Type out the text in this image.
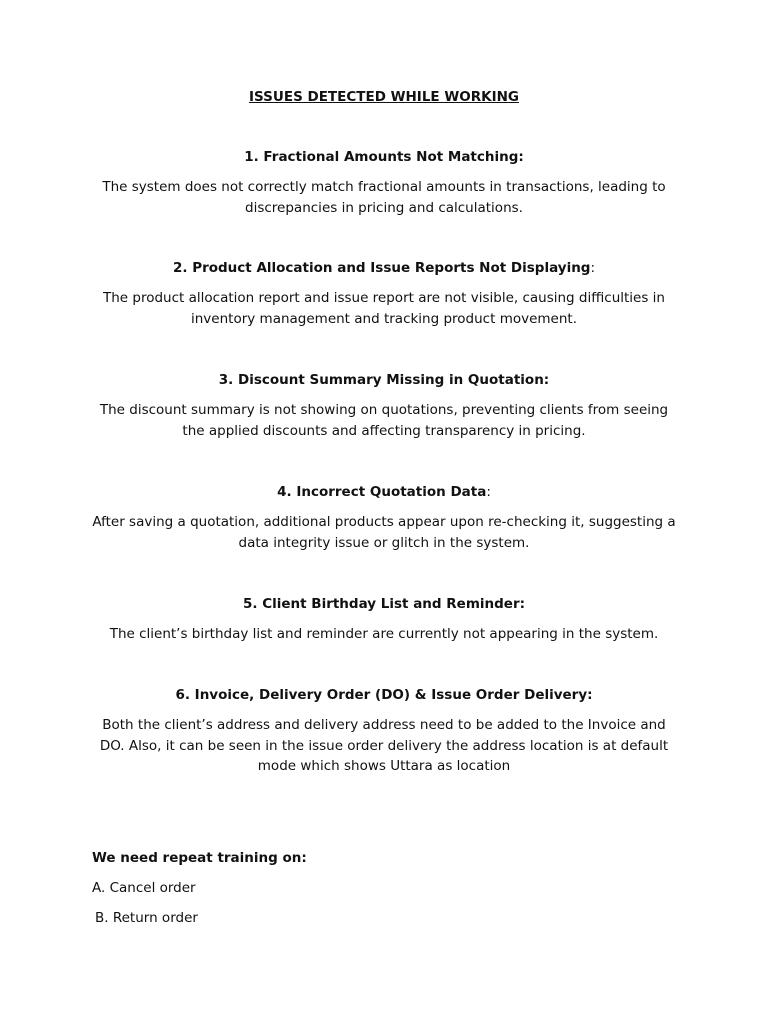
ISSUES DETECTED WHILE WORKING

1. Fractional Amounts Not Matching:

The system does not correctly match fractional amounts in transactions, leading to discrepancies in pricing and calculations.

2. Product Allocation and Issue Reports Not Displaying:

The product allocation report and issue report are not visible, causing difficulties in inventory management and tracking product movement.

3. Discount Summary Missing in Quotation:

The discount summary is not showing on quotations, preventing clients from seeing the applied discounts and affecting transparency in pricing.

4. Incorrect Quotation Data:

After saving a quotation, additional products appear upon re-checking it, suggesting a data integrity issue or glitch in the system.

5. Client Birthday List and Reminder:

The client’s birthday list and reminder are currently not appearing in the system.

6. Invoice, Delivery Order (DO) & Issue Order Delivery:

Both the client’s address and delivery address need to be added to the Invoice and DO. Also, it can be seen in the issue order delivery the address location is at default mode which shows Uttara as location

We need repeat training on:

A. Cancel order

B. Return order
